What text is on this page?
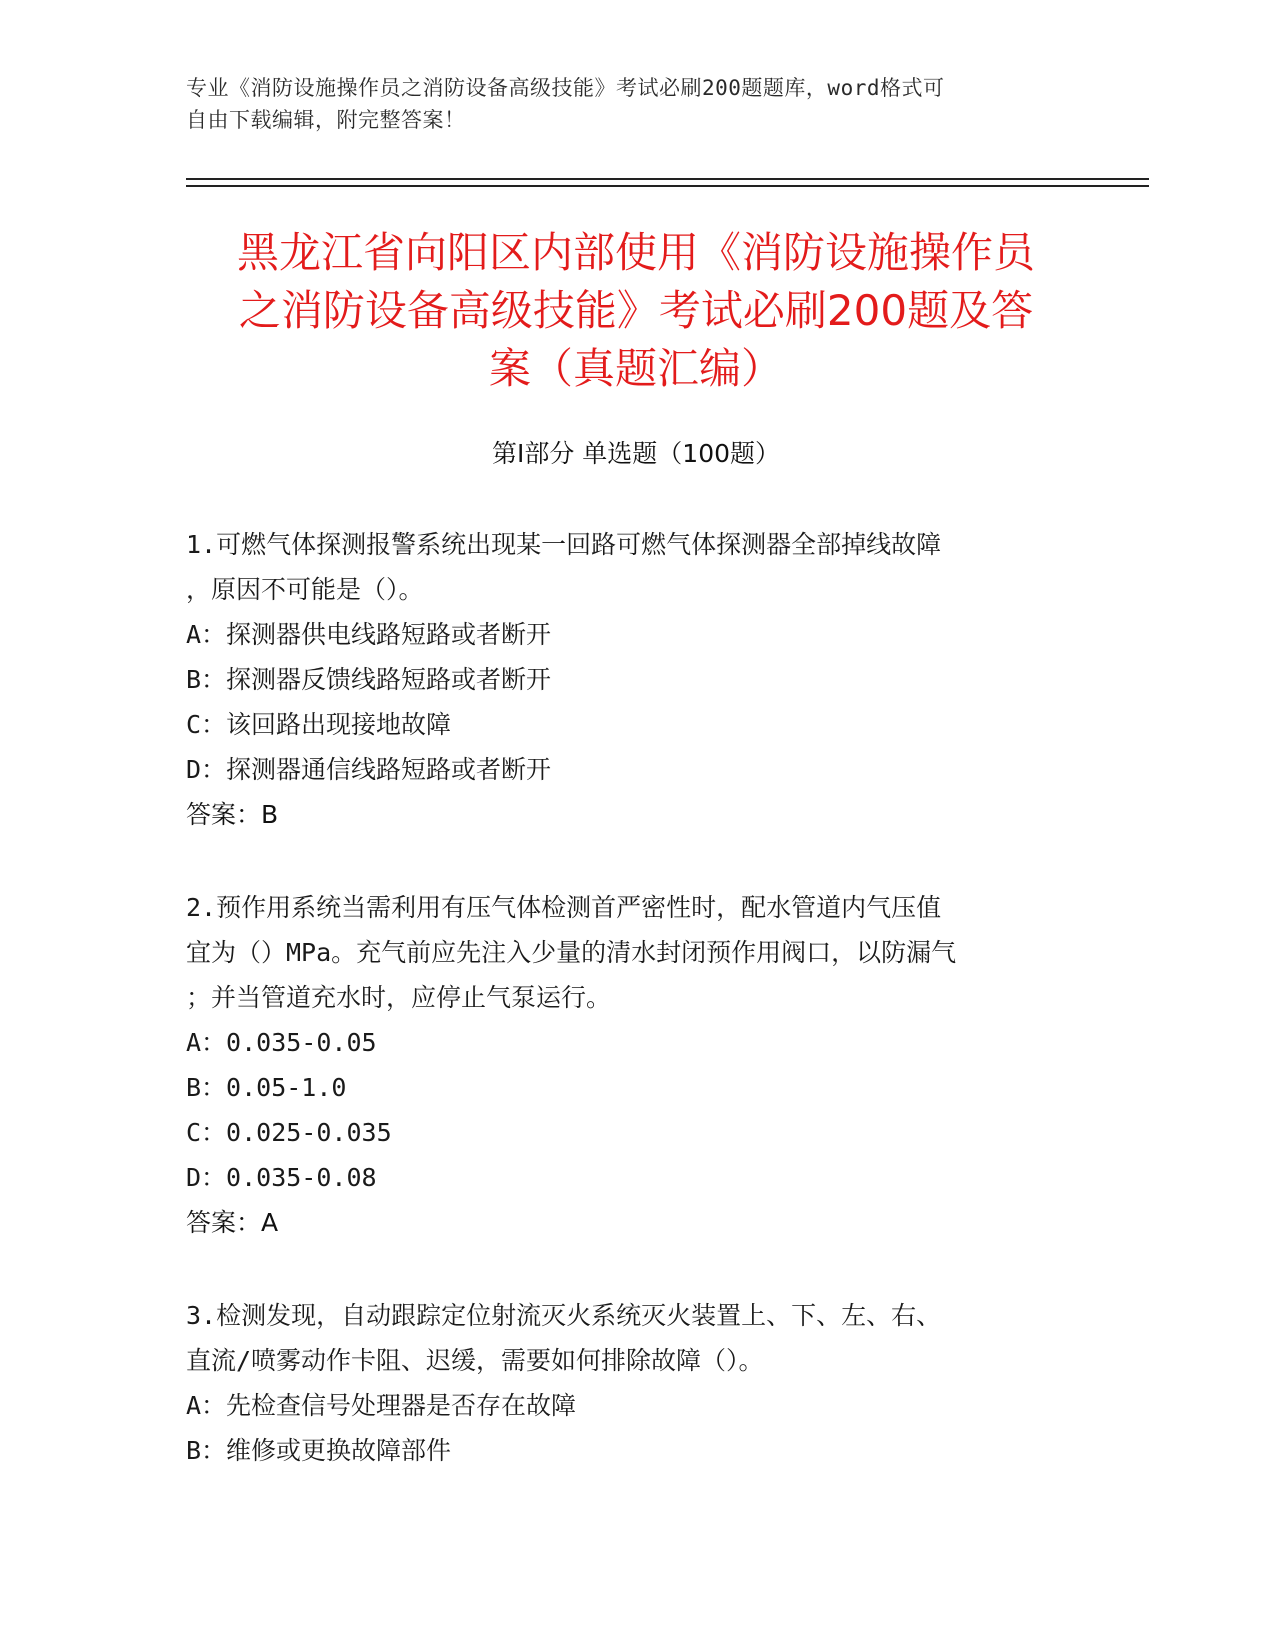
专业《消防设施操作员之消防设备高级技能》考试必刷200题题库，word格式可
自由下载编辑，附完整答案！
黑龙江省向阳区内部使用《消防设施操作员
之消防设备高级技能》考试必刷200题及答
案（真题汇编）
第Ⅰ部分 单选题（100题）
1.可燃气体探测报警系统出现某一回路可燃气体探测器全部掉线故障
，原因不可能是（）。
A：探测器供电线路短路或者断开
B：探测器反馈线路短路或者断开
C：该回路出现接地故障
D：探测器通信线路短路或者断开
答案：B
2.预作用系统当需利用有压气体检测首严密性时，配水管道内气压值
宜为（）MPa。充气前应先注入少量的清水封闭预作用阀口，以防漏气
；并当管道充水时，应停止气泵运行。
A：0.035-0.05
B：0.05-1.0
C：0.025-0.035
D：0.035-0.08
答案：A
3.检测发现，自动跟踪定位射流灭火系统灭火装置上、下、左、右、
直流/喷雾动作卡阻、迟缓，需要如何排除故障（）。
A：先检查信号处理器是否存在故障
B：维修或更换故障部件
